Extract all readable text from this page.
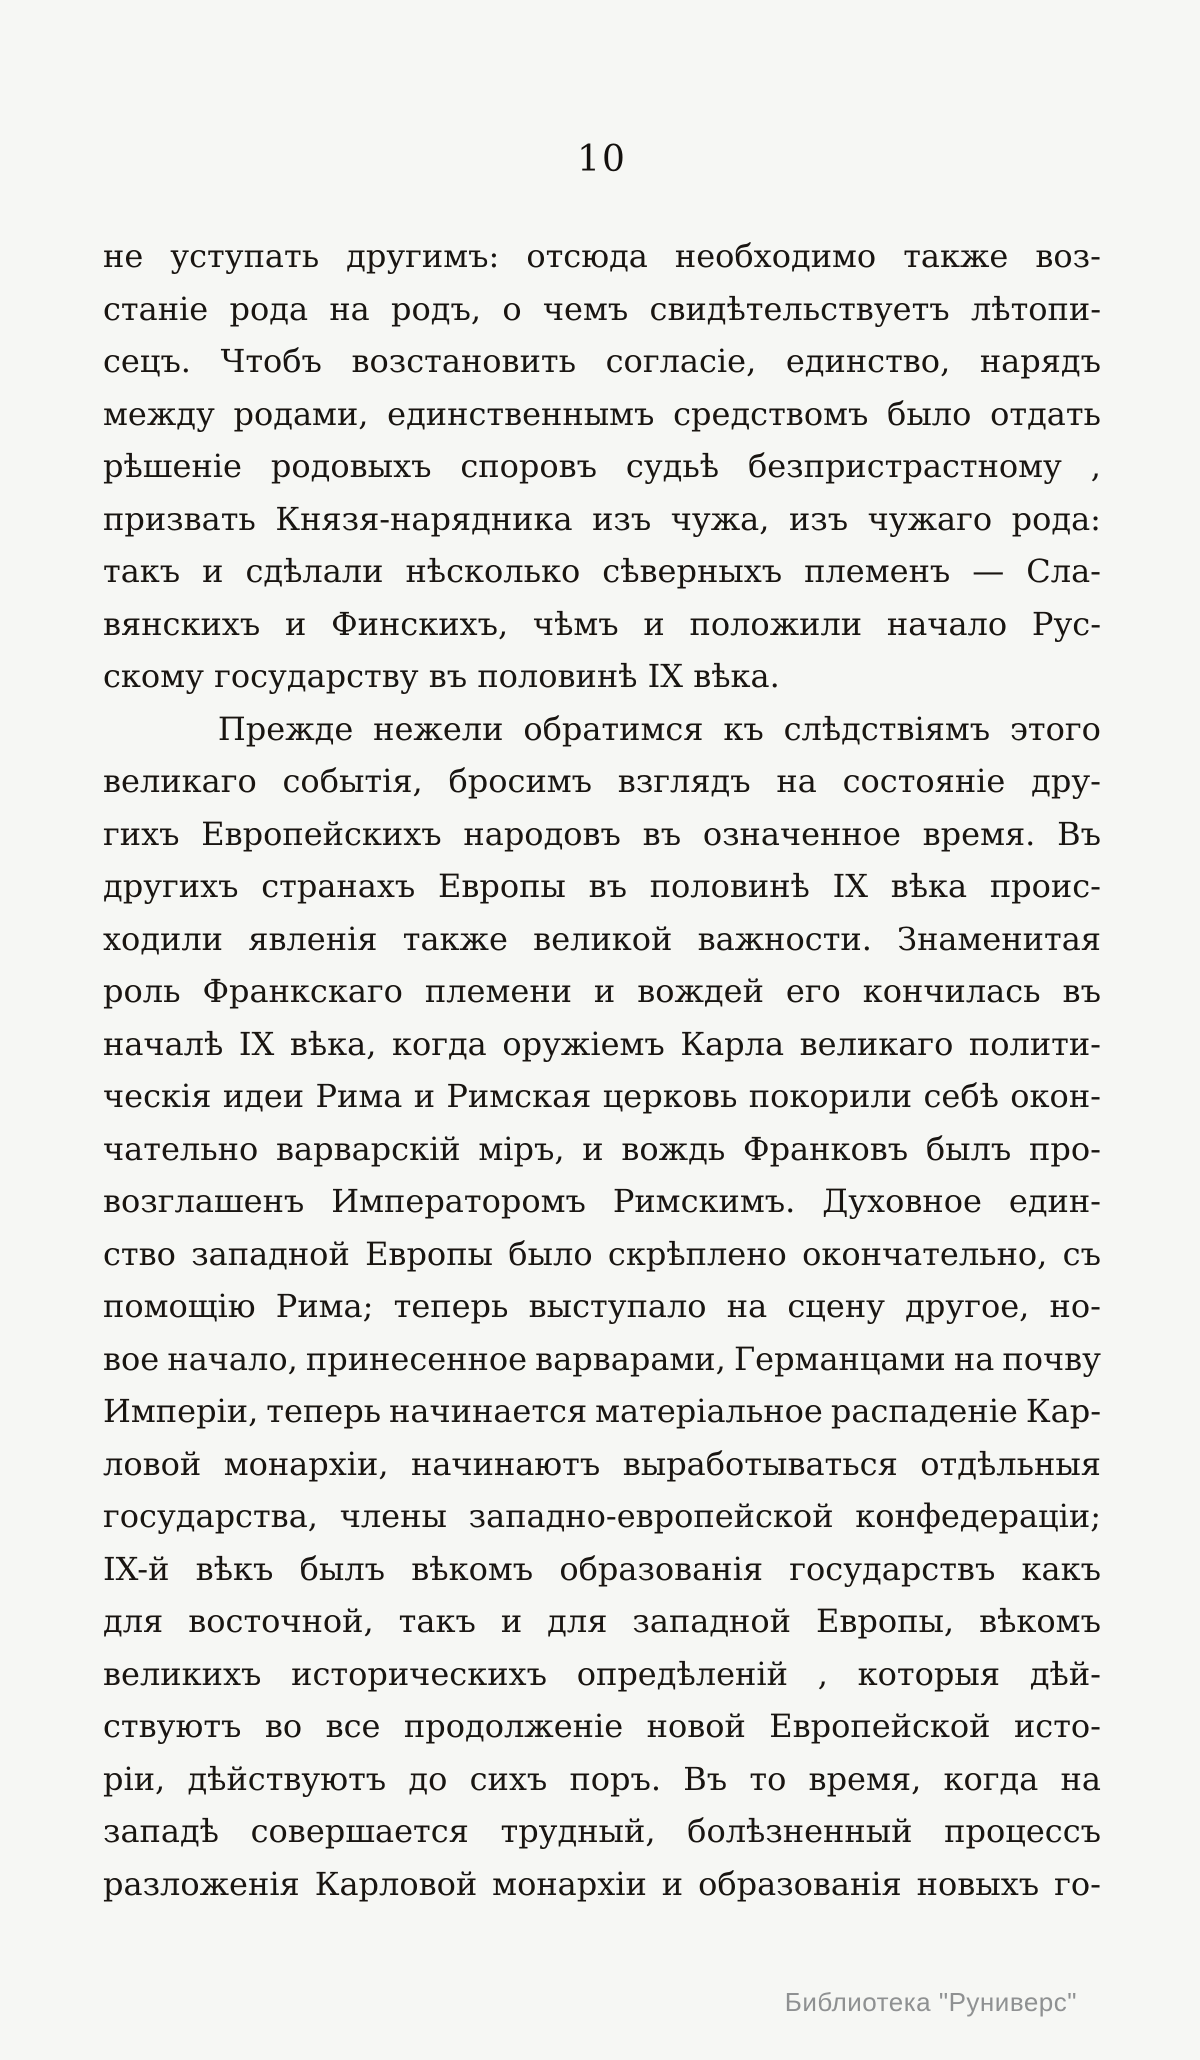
10
не уступать другимъ: отсюда необходимо также воз-
станіе рода на родъ, о чемъ свидѣтельствуетъ лѣтопи-
сецъ. Чтобъ возстановить согласіе, единство, нарядъ
между родами, единственнымъ средствомъ было отдать
рѣшеніе родовыхъ споровъ судьѣ безпристрастному ,
призвать Князя-нарядника изъ чужа, изъ чужаго рода:
такъ и сдѣлали нѣсколько сѣверныхъ племенъ — Сла-
вянскихъ и Финскихъ, чѣмъ и положили начало Рус-
скому государству въ половинѣ IX вѣка.
Прежде нежели обратимся къ слѣдствіямъ этого
великаго событія, бросимъ взглядъ на состояніе дру-
гихъ Европейскихъ народовъ въ означенное время. Въ
другихъ странахъ Европы въ половинѣ IX вѣка проис-
ходили явленія также великой важности. Знаменитая
роль Франкскаго племени и вождей его кончилась въ
началѣ IX вѣка, когда оружіемъ Карла великаго полити-
ческія идеи Рима и Римская церковь покорили себѣ окон-
чательно варварскій міръ, и вождь Франковъ былъ про-
возглашенъ Императоромъ Римскимъ. Духовное един-
ство западной Европы было скрѣплено окончательно, съ
помощію Рима; теперь выступало на сцену другое, но-
вое начало, принесенное варварами, Германцами на почву
Имперіи, теперь начинается матеріальное распаденіе Кар-
ловой монархіи, начинаютъ выработываться отдѣльныя
государства, члены западно-европейской конфедераціи;
IX-й вѣкъ былъ вѣкомъ образованія государствъ какъ
для восточной, такъ и для западной Европы, вѣкомъ
великихъ историческихъ опредѣленій , которыя дѣй-
ствуютъ во все продолженіе новой Европейской исто-
ріи, дѣйствуютъ до сихъ поръ. Въ то время, когда на
западѣ совершается трудный, болѣзненный процессъ
разложенія Карловой монархіи и образованія новыхъ го-
Библиотека "Руниверс"
